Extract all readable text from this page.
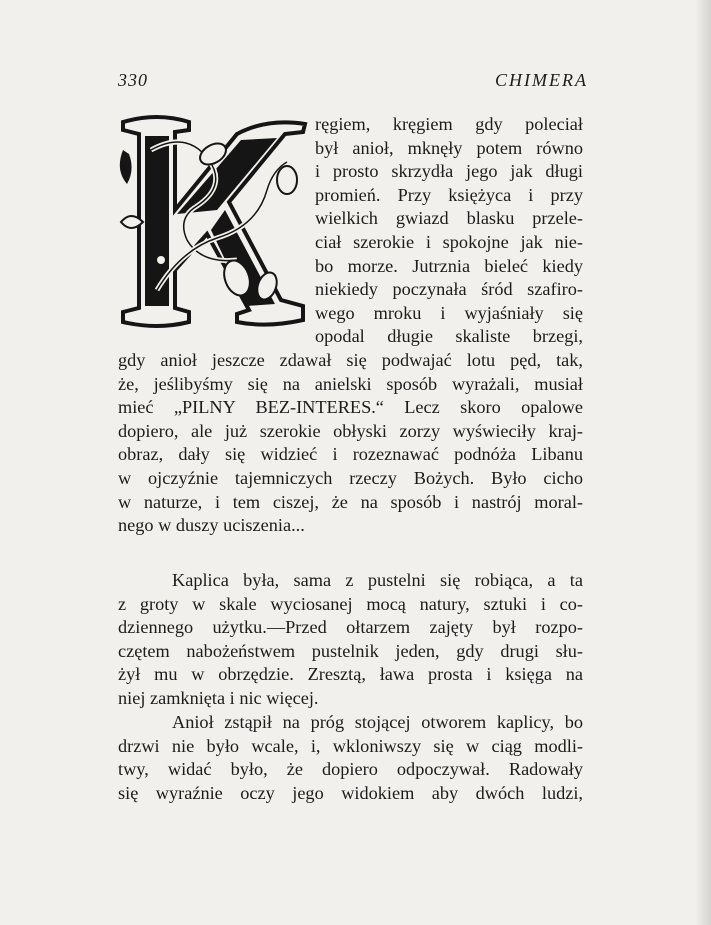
330	CHIMERA
ręgiem, kręgiem gdy poleciał
był anioł, mknęły potem równo
i prosto skrzydła jego jak długi
promień. Przy księżyca i przy
wielkich gwiazd blasku przele-
ciał szerokie i spokojne jak nie-
bo morze. Jutrznia bieleć kiedy
niekiedy poczynała śród szafiro-
wego mroku i wyjaśniały się
opodal długie skaliste brzegi,
gdy anioł jeszcze zdawał się podwajać lotu pęd, tak,
że, jeślibyśmy się na anielski sposób wyrażali, musiał
mieć „PILNY BEZ-INTERES.“ Lecz skoro opalowe
dopiero, ale już szerokie obłyski zorzy wyświeciły kraj-
obraz, dały się widzieć i rozeznawać podnóża Libanu
w ojczyźnie tajemniczych rzeczy Bożych. Było cicho
w naturze, i tem ciszej, że na sposób i nastrój moral-
nego w duszy uciszenia...
Kaplica była, sama z pustelni się robiąca, a ta
z groty w skale wyciosanej mocą natury, sztuki i co-
dziennego użytku.—Przed ołtarzem zajęty był rozpo-
czętem nabożeństwem pustelnik jeden, gdy drugi słu-
żył mu w obrzędzie. Zresztą, ława prosta i księga na
niej zamknięta i nic więcej.
Anioł zstąpił na próg stojącej otworem kaplicy, bo
drzwi nie było wcale, i, wkloniwszy się w ciąg modli-
twy, widać było, że dopiero odpoczywał. Radowały
się wyraźnie oczy jego widokiem aby dwóch ludzi,
